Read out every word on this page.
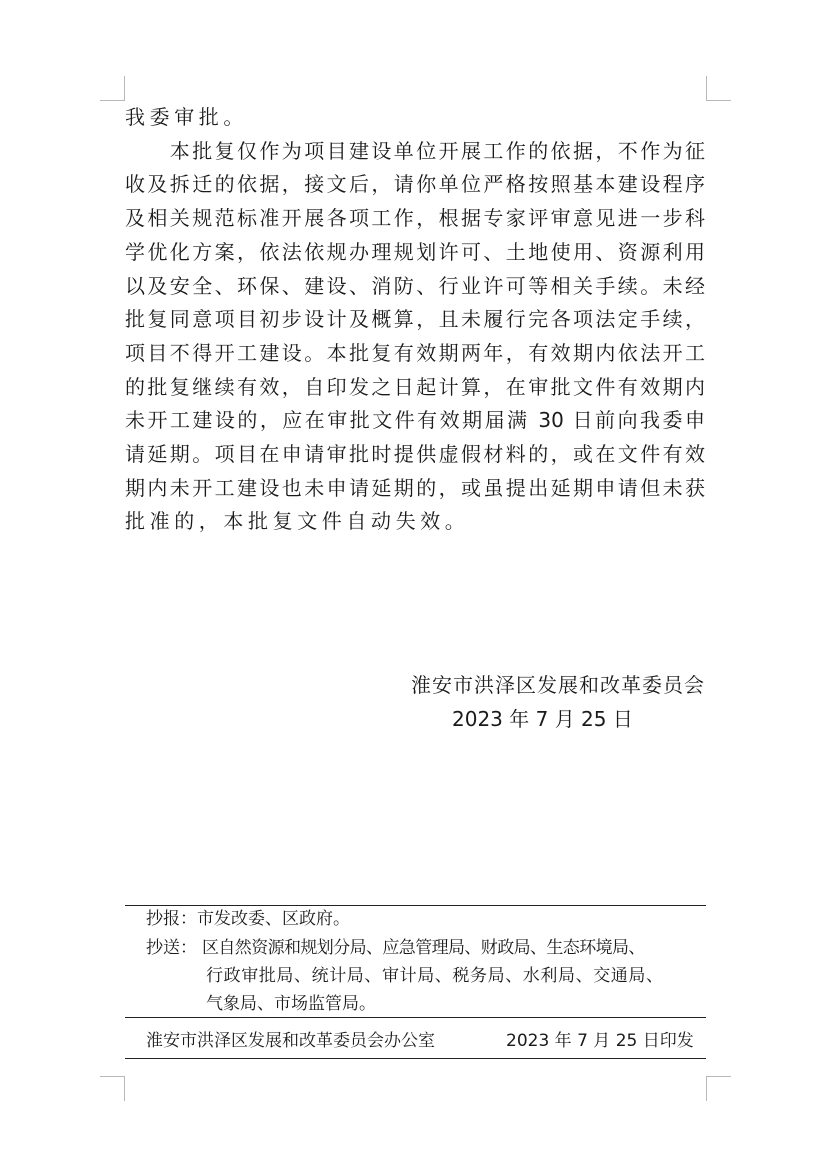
我委审批。
　　本批复仅作为项目建设单位开展工作的依据，不作为征
收及拆迁的依据，接文后，请你单位严格按照基本建设程序
及相关规范标准开展各项工作，根据专家评审意见进一步科
学优化方案，依法依规办理规划许可、土地使用、资源利用
以及安全、环保、建设、消防、行业许可等相关手续。未经
批复同意项目初步设计及概算，且未履行完各项法定手续，
项目不得开工建设。本批复有效期两年，有效期内依法开工
的批复继续有效，自印发之日起计算，在审批文件有效期内
未开工建设的，应在审批文件有效期届满 30 日前向我委申
请延期。项目在申请审批时提供虚假材料的，或在文件有效
期内未开工建设也未申请延期的，或虽提出延期申请但未获
批准的，本批复文件自动失效。
淮安市洪泽区发展和改革委员会
2023 年 7 月 25 日
抄报：市发改委、区政府。
抄送： 区自然资源和规划分局、应急管理局、财政局、生态环境局、
行政审批局、统计局、审计局、税务局、水利局、交通局、
气象局、市场监管局。
淮安市洪泽区发展和改革委员会办公室	2023 年 7 月 25 日印发
